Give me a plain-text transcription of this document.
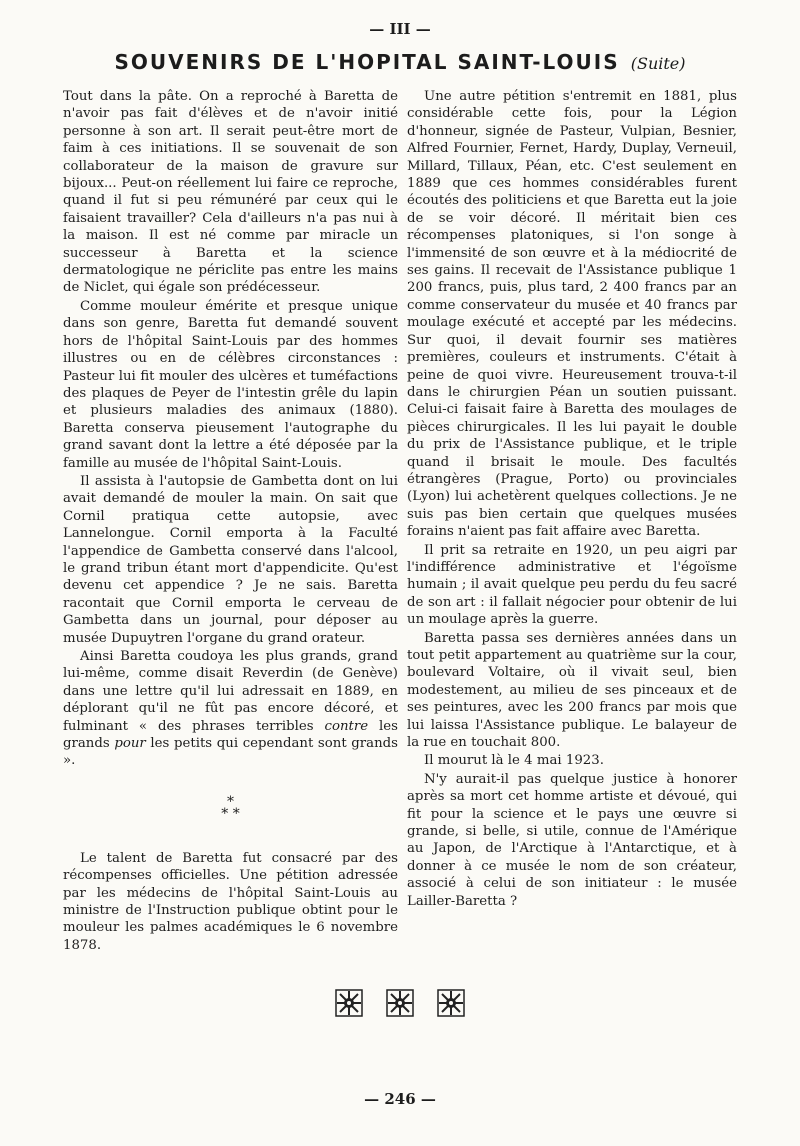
— III —
SOUVENIRS DE L'HOPITAL SAINT-LOUIS (Suite)

Tout dans la pâte. On a reproché à Baretta de n'avoir pas fait d'élèves et de n'avoir initié personne à son art. Il serait peut-être mort de faim à ces initiations. Il se souvenait de son collaborateur de la maison de gravure sur bijoux... Peut-on réellement lui faire ce reproche, quand il fut si peu rémunéré par ceux qui le faisaient travailler? Cela d'ailleurs n'a pas nui à la maison. Il est né comme par miracle un successeur à Baretta et la science dermatologique ne périclite pas entre les mains de Niclet, qui égale son prédécesseur.

Comme mouleur émérite et presque unique dans son genre, Baretta fut demandé souvent hors de l'hôpital Saint-Louis par des hommes illustres ou en de célèbres circonstances : Pasteur lui fit mouler des ulcères et tuméfactions des plaques de Peyer de l'intestin grêle du lapin et plusieurs maladies des animaux (1880). Baretta conserva pieusement l'autographe du grand savant dont la lettre a été déposée par la famille au musée de l'hôpital Saint-Louis.

Il assista à l'autopsie de Gambetta dont on lui avait demandé de mouler la main. On sait que Cornil pratiqua cette autopsie, avec Lannelongue. Cornil emporta à la Faculté l'appendice de Gambetta conservé dans l'alcool, le grand tribun étant mort d'appendicite. Qu'est devenu cet appendice ? Je ne sais. Baretta racontait que Cornil emporta le cerveau de Gambetta dans un journal, pour déposer au musée Dupuytren l'organe du grand orateur.

Ainsi Baretta coudoya les plus grands, grand lui-même, comme disait Reverdin (de Genève) dans une lettre qu'il lui adressait en 1889, en déplorant qu'il ne fût pas encore décoré, et fulminant « des phrases terribles contre les grands pour les petits qui cependant sont grands ».

*
* *

Le talent de Baretta fut consacré par des récompenses officielles. Une pétition adressée par les médecins de l'hôpital Saint-Louis au ministre de l'Instruction publique obtint pour le mouleur les palmes académiques le 6 novembre 1878.

Une autre pétition s'entremit en 1881, plus considérable cette fois, pour la Légion d'honneur, signée de Pasteur, Vulpian, Besnier, Alfred Fournier, Fernet, Hardy, Duplay, Verneuil, Millard, Tillaux, Péan, etc. C'est seulement en 1889 que ces hommes considérables furent écoutés des politiciens et que Baretta eut la joie de se voir décoré. Il méritait bien ces récompenses platoniques, si l'on songe à l'immensité de son œuvre et à la médiocrité de ses gains. Il recevait de l'Assistance publique 1 200 francs, puis, plus tard, 2 400 francs par an comme conservateur du musée et 40 francs par moulage exécuté et accepté par les médecins. Sur quoi, il devait fournir ses matières premières, couleurs et instruments. C'était à peine de quoi vivre. Heureusement trouva-t-il dans le chirurgien Péan un soutien puissant. Celui-ci faisait faire à Baretta des moulages de pièces chirurgicales. Il les lui payait le double du prix de l'Assistance publique, et le triple quand il brisait le moule. Des facultés étrangères (Prague, Porto) ou provinciales (Lyon) lui achetèrent quelques collections. Je ne suis pas bien certain que quelques musées forains n'aient pas fait affaire avec Baretta.

Il prit sa retraite en 1920, un peu aigri par l'indifférence administrative et l'égoïsme humain ; il avait quelque peu perdu du feu sacré de son art : il fallait négocier pour obtenir de lui un moulage après la guerre.

Baretta passa ses dernières années dans un tout petit appartement au quatrième sur la cour, boulevard Voltaire, où il vivait seul, bien modestement, au milieu de ses pinceaux et de ses peintures, avec les 200 francs par mois que lui laissa l'Assistance publique. Le balayeur de la rue en touchait 800.

Il mourut là le 4 mai 1923.

N'y aurait-il pas quelque justice à honorer après sa mort cet homme artiste et dévoué, qui fit pour la science et le pays une œuvre si grande, si belle, si utile, connue de l'Amérique au Japon, de l'Arctique à l'Antarctique, et à donner à ce musée le nom de son créateur, associé à celui de son initiateur : le musée Lailler-Baretta ?

— 246 —
